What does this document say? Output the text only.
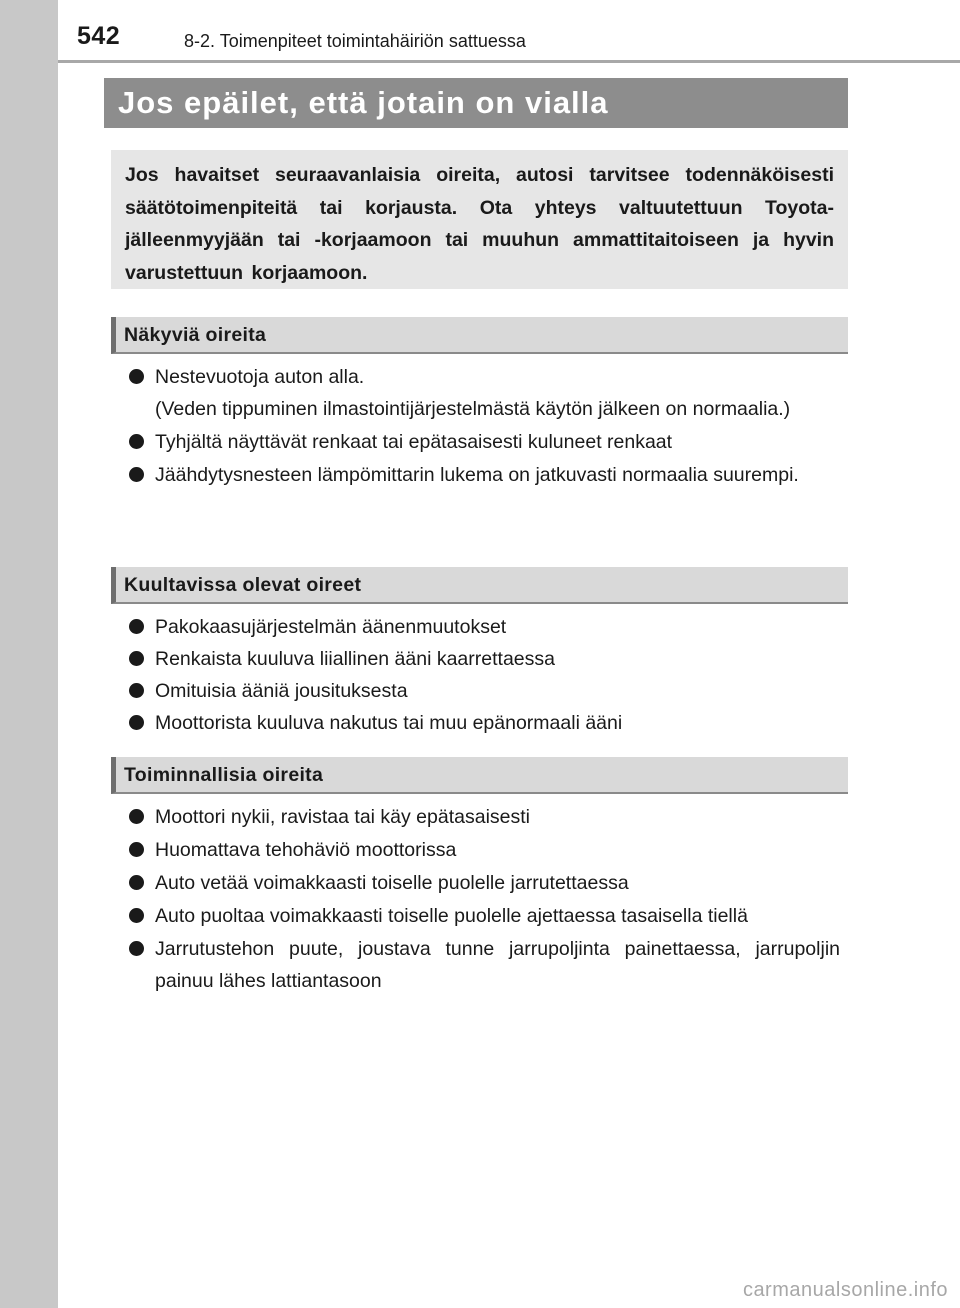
542	8-2. Toimenpiteet toimintahäiriön sattuessa
Jos epäilet, että jotain on vialla

Jos havaitset seuraavanlaisia oireita, autosi tarvitsee todennäköisesti säätötoimenpiteitä tai korjausta. Ota yhteys valtuutettuun Toyota-jälleenmyyjään tai -korjaamoon tai muuhun ammattitaitoiseen ja hyvin varustettuun korjaamoon.

Näkyviä oireita
Nestevuotoja auton alla.
(Veden tippuminen ilmastointijärjestelmästä käytön jälkeen on normaalia.)
Tyhjältä näyttävät renkaat tai epätasaisesti kuluneet renkaat
Jäähdytysnesteen lämpömittarin lukema on jatkuvasti normaalia suurempi.
Kuultavissa olevat oireet
Pakokaasujärjestelmän äänenmuutokset
Renkaista kuuluva liiallinen ääni kaarrettaessa
Omituisia ääniä jousituksesta
Moottorista kuuluva nakutus tai muu epänormaali ääni
Toiminnallisia oireita
Moottori nykii, ravistaa tai käy epätasaisesti
Huomattava tehohäviö moottorissa
Auto vetää voimakkaasti toiselle puolelle jarrutettaessa
Auto puoltaa voimakkaasti toiselle puolelle ajettaessa tasaisella tiellä
Jarrutustehon puute, joustava tunne jarrupoljinta painettaessa, jarrupoljin painuu lähes lattiantasoon
carmanualsonline.info
